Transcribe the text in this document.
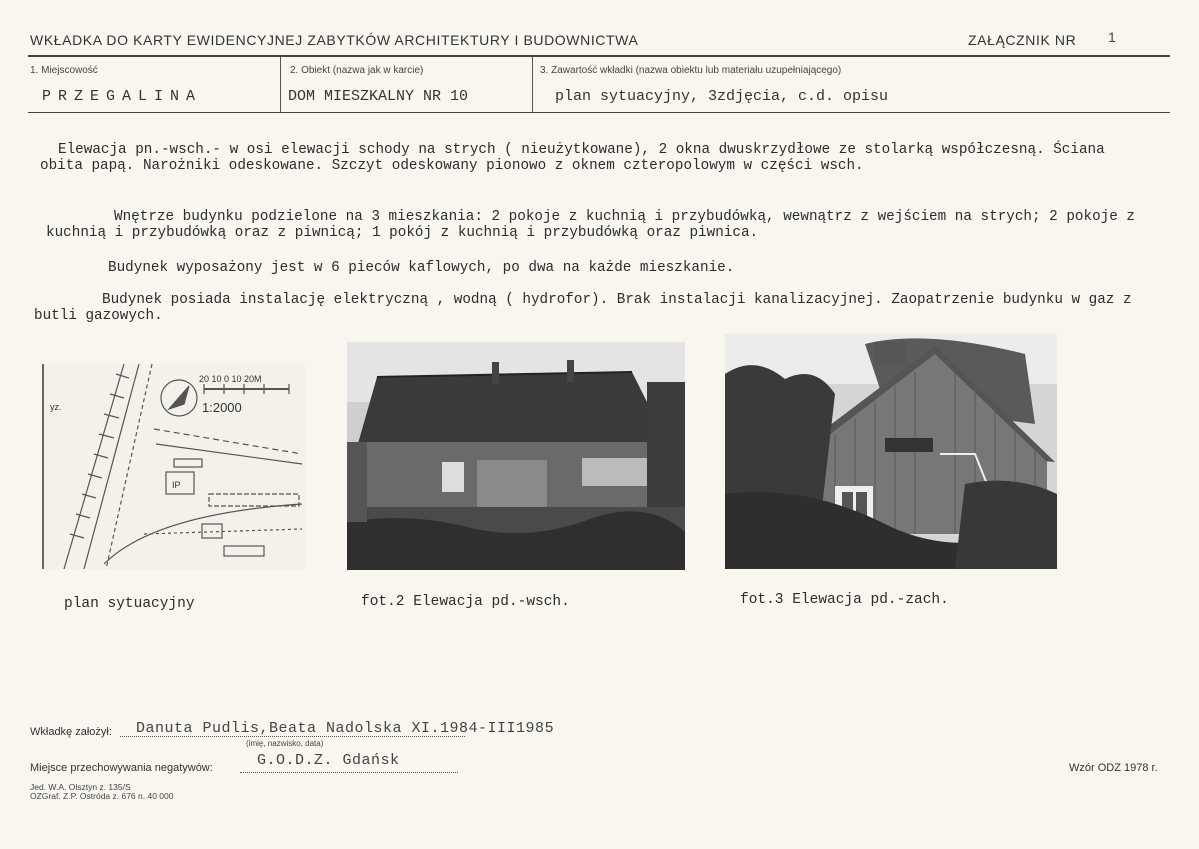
WKŁADKA DO KARTY EWIDENCYJNEJ ZABYTKÓW ARCHITEKTURY I BUDOWNICTWA	ZAŁĄCZNIK NR 1
1. Miejscowość
PRZEGALINA
2. Obiekt (nazwa jak w karcie)
DOM MIESZKALNY NR 10
3. Zawartość wkładki (nazwa obiektu lub materiału uzupełniającego)
plan sytuacyjny, 3zdjęcia, c.d. opisu

Elewacja pn.-wsch.- w osi elewacji schody na strych ( nieużytkowane), 2 okna dwuskrzydłowe ze stolarką współczesną. Ściana obita papą. Narożniki odeskowane. Szczyt odeskowany pionowo z oknem czteropolowym w części wsch.

Wnętrze budynku podzielone na 3 mieszkania: 2 pokoje z kuchnią i przybudówką, wewnątrz z wejściem na strych; 2 pokoje z kuchnią i przybudówką oraz z piwnicą; 1 pokój z kuchnią i przybudówką oraz piwnica.

Budynek wyposażony jest w 6 pieców kaflowych, po dwa na każde mieszkanie.

Budynek posiada instalację elektryczną , wodną ( hydrofor). Brak instalacji kanalizacyjnej. Zaopatrzenie budynku w gaz z butli gazowych.

1:2000
20 10 0 10 20M
IP
yz.
plan sytuacyjny	fot.2 Elewacja pd.-wsch.	fot.3 Elewacja pd.-zach.
Wkładkę założył: Danuta Pudlis,Beata Nadolska XI.1984-III1985
(imię, nazwisko, data)
Miejsce przechowywania negatywów:	G.O.D.Z. Gdańsk
Jed. W.A. Olsztyn z. 135/S
OZGraf. Z.P. Ostróda z. 676 n. 40 000
Wzór ODZ 1978 r.
